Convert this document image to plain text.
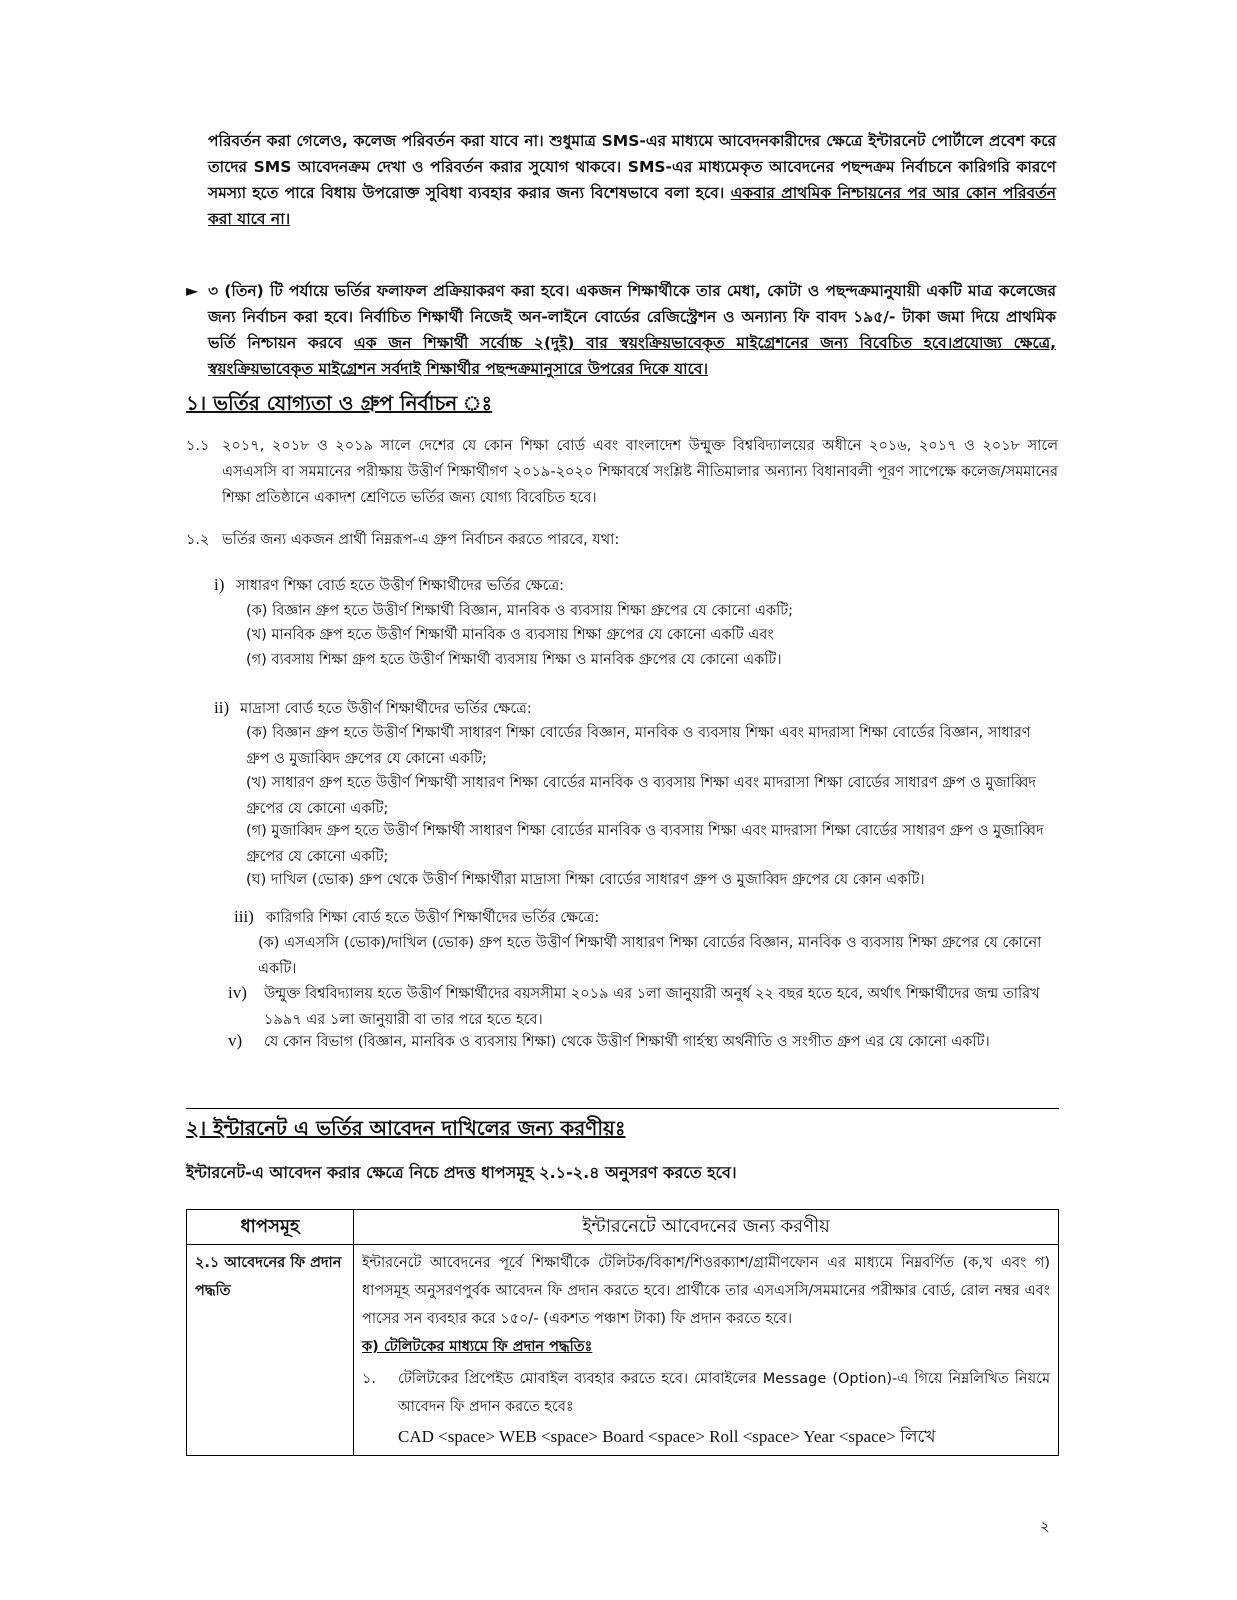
পরিবর্তন করা গেলেও, কলেজ পরিবর্তন করা যাবে না। শুধুমাত্র SMS-এর মাধ্যমে আবেদনকারীদের ক্ষেত্রে ইন্টারনেট পোর্টালে প্রবেশ করে তাদের SMS আবেদনক্রম দেখা ও পরিবর্তন করার সুযোগ থাকবে। SMS-এর মাধ্যমেকৃত আবেদনের পছন্দক্রম নির্বাচনে কারিগরি কারণে সমস্যা হতে পারে বিধায় উপরোক্ত সুবিধা ব্যবহার করার জন্য বিশেষভাবে বলা হবে। একবার প্রাথমিক নিশ্চায়নের পর আর কোন পরিবর্তন করা যাবে না।

► ৩ (তিন) টি পর্যায়ে ভর্তির ফলাফল প্রক্রিয়াকরণ করা হবে। একজন শিক্ষার্থীকে তার মেধা, কোটা ও পছন্দক্রমানুযায়ী একটি মাত্র কলেজের জন্য নির্বাচন করা হবে। নির্বাচিত শিক্ষার্থী নিজেই অন-লাইনে বোর্ডের রেজিস্ট্রেশন ও অন্যান্য ফি বাবদ ১৯৫/- টাকা জমা দিয়ে প্রাথমিক ভর্তি নিশ্চায়ন করবে এক জন শিক্ষার্থী সর্বোচ্চ ২(দুই) বার স্বয়ংক্রিয়ভাবেকৃত মাইগ্রেশনের জন্য বিবেচিত হবে।প্রযোজ্য ক্ষেত্রে, স্বয়ংক্রিয়ভাবেকৃত মাইগ্রেশন সর্বদাই শিক্ষার্থীর পছন্দক্রমানুসারে উপরের দিকে যাবে।

১। ভর্তির যোগ্যতা ও গ্রুপ নির্বাচন ঃ
১.১ ২০১৭, ২০১৮ ও ২০১৯ সালে দেশের যে কোন শিক্ষা বোর্ড এবং বাংলাদেশ উন্মুক্ত বিশ্ববিদ্যালয়ের অধীনে ২০১৬, ২০১৭ ও ২০১৮ সালে এসএসসি বা সমমানের পরীক্ষায় উত্তীর্ণ শিক্ষার্থীগণ ২০১৯-২০২০ শিক্ষাবর্ষে সংশ্লিষ্ট নীতিমালার অন্যান্য বিধানাবলী পূরণ সাপেক্ষে কলেজ/সমমানের শিক্ষা প্রতিষ্ঠানে একাদশ শ্রেণিতে ভর্তির জন্য যোগ্য বিবেচিত হবে।

১.২ ভর্তির জন্য একজন প্রার্থী নিম্নরূপ-এ গ্রুপ নির্বাচন করতে পারবে, যথা:

i) সাধারণ শিক্ষা বোর্ড হতে উত্তীর্ণ শিক্ষার্থীদের ভর্তির ক্ষেত্রে:
(ক) বিজ্ঞান গ্রুপ হতে উত্তীর্ণ শিক্ষার্থী বিজ্ঞান, মানবিক ও ব্যবসায় শিক্ষা গ্রুপের যে কোনো একটি;
(খ) মানবিক গ্রুপ হতে উত্তীর্ণ শিক্ষার্থী মানবিক ও ব্যবসায় শিক্ষা গ্রুপের যে কোনো একটি এবং
(গ) ব্যবসায় শিক্ষা গ্রুপ হতে উত্তীর্ণ শিক্ষার্থী ব্যবসায় শিক্ষা ও মানবিক গ্রুপের যে কোনো একটি।
ii) মাদ্রাসা বোর্ড হতে উত্তীর্ণ শিক্ষার্থীদের ভর্তির ক্ষেত্রে:

(ক) বিজ্ঞান গ্রুপ হতে উত্তীর্ণ শিক্ষার্থী সাধারণ শিক্ষা বোর্ডের বিজ্ঞান, মানবিক ও ব্যবসায় শিক্ষা এবং মাদরাসা শিক্ষা বোর্ডের বিজ্ঞান, সাধারণ গ্রুপ ও মুজাব্বিদ গ্রুপের যে কোনো একটি;

(খ) সাধারণ গ্রুপ হতে উত্তীর্ণ শিক্ষার্থী সাধারণ শিক্ষা বোর্ডের মানবিক ও ব্যবসায় শিক্ষা এবং মাদরাসা শিক্ষা বোর্ডের সাধারণ গ্রুপ ও মুজাব্বিদ গ্রুপের যে কোনো একটি;

(গ) মুজাব্বিদ গ্রুপ হতে উত্তীর্ণ শিক্ষার্থী সাধারণ শিক্ষা বোর্ডের মানবিক ও ব্যবসায় শিক্ষা এবং মাদরাসা শিক্ষা বোর্ডের সাধারণ গ্রুপ ও মুজাব্বিদ গ্রুপের যে কোনো একটি;

(ঘ) দাখিল (ভোক) গ্রুপ থেকে উত্তীর্ণ শিক্ষার্থীরা মাদ্রাসা শিক্ষা বোর্ডের সাধারণ গ্রুপ ও মুজাব্বিদ গ্রুপের যে কোন একটি।
iii) কারিগরি শিক্ষা বোর্ড হতে উত্তীর্ণ শিক্ষার্থীদের ভর্তির ক্ষেত্রে:

(ক) এসএসসি (ভোক)/দাখিল (ভোক) গ্রুপ হতে উত্তীর্ণ শিক্ষার্থী সাধারণ শিক্ষা বোর্ডের বিজ্ঞান, মানবিক ও ব্যবসায় শিক্ষা গ্রুপের যে কোনো একটি।

iv) উন্মুক্ত বিশ্ববিদ্যালয় হতে উত্তীর্ণ শিক্ষার্থীদের বয়সসীমা ২০১৯ এর ১লা জানুয়ারী অনুর্ধ ২২ বছর হতে হবে, অর্থাৎ শিক্ষার্থীদের জন্ম তারিখ ১৯৯৭ এর ১লা জানুয়ারী বা তার পরে হতে হবে।

v) যে কোন বিভাগ (বিজ্ঞান, মানবিক ও ব্যবসায় শিক্ষা) থেকে উত্তীর্ণ শিক্ষার্থী গার্হস্থ্য অর্থনীতি ও সংগীত গ্রুপ এর যে কোনো একটি।
২। ইন্টারনেট এ ভর্তির আবেদন দাখিলের জন্য করণীয়ঃ
ইন্টারনেট-এ আবেদন করার ক্ষেত্রে নিচে প্রদত্ত ধাপসমূহ ২.১-২.৪ অনুসরণ করতে হবে।
ধাপসমূহ	ইন্টারনেটে আবেদনের জন্য করণীয়
২.১ আবেদনের ফি প্রদান পদ্ধতি	ইন্টারনেটে আবেদনের পূর্বে শিক্ষার্থীকে টেলিটক/বিকাশ/শিওরক্যাশ/গ্রামীণফোন এর মাধ্যমে নিম্নবর্ণিত (ক,খ এবং গ) ধাপসমূহ অনুসরণপুর্বক আবেদন ফি প্রদান করতে হবে। প্রার্থীকে তার এসএসসি/সমমানের পরীক্ষার বোর্ড, রোল নম্বর এবং পাসের সন ব্যবহার করে ১৫০/- (একশত পঞ্চাশ টাকা) ফি প্রদান করতে হবে।
ক) টেলিটকের মাধ্যমে ফি প্রদান পদ্ধতিঃ
১. টেলিটকের প্রিপেইড মোবাইল ব্যবহার করতে হবে। মোবাইলের Message (Option)-এ গিয়ে নিম্নলিখিত নিয়মে আবেদন ফি প্রদান করতে হবেঃ
CAD <space> WEB <space> Board <space> Roll <space> Year <space> লিখে
২
